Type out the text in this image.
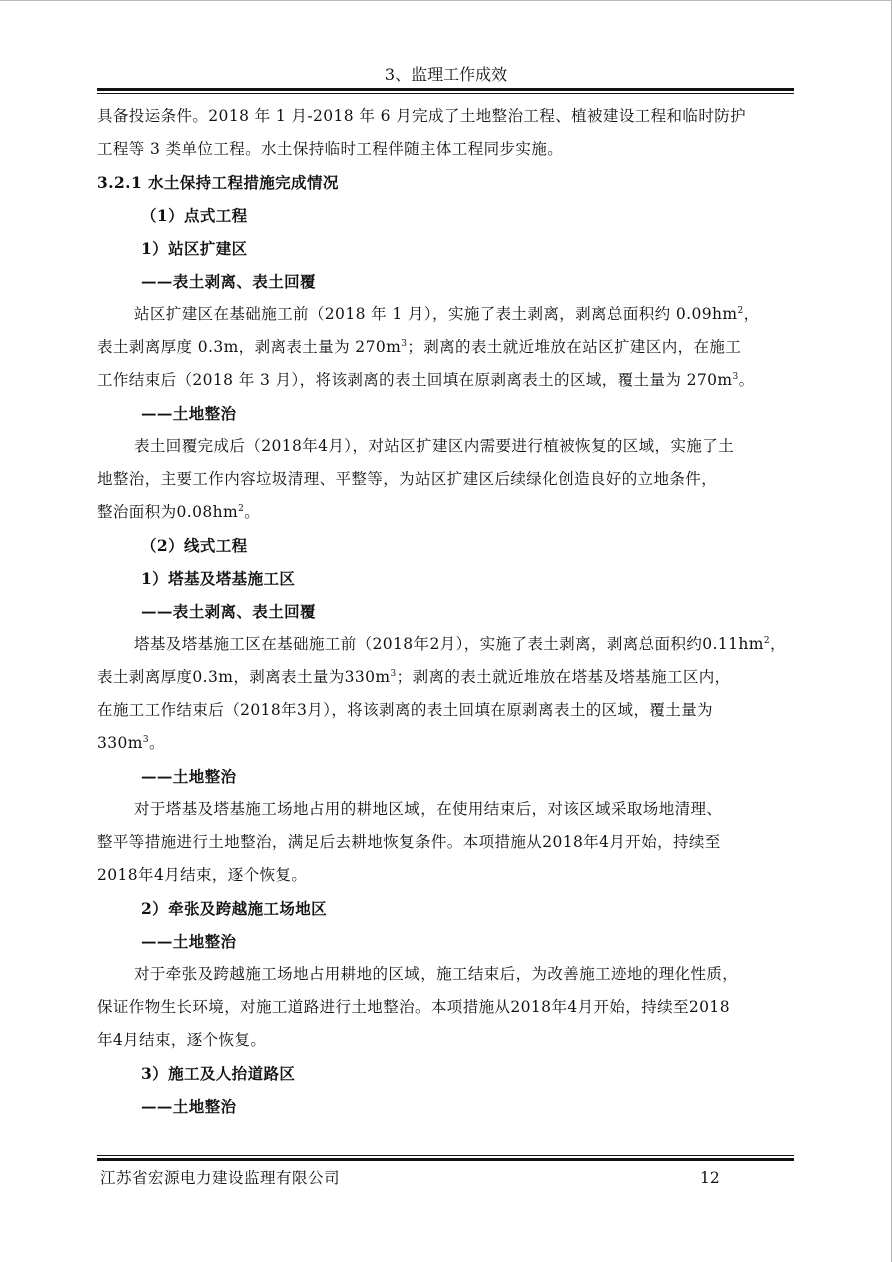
3、监理工作成效
具备投运条件。2018 年 1 月-2018 年 6 月完成了土地整治工程、植被建设工程和临时防护
工程等 3 类单位工程。水土保持临时工程伴随主体工程同步实施。
3.2.1 水土保持工程措施完成情况
（1）点式工程
1）站区扩建区
——表土剥离、表土回覆
站区扩建区在基础施工前（2018 年 1 月），实施了表土剥离，剥离总面积约 $0.09hm^2$，
表土剥离厚度 0.3m，剥离表土量为 $270m^3$；剥离的表土就近堆放在站区扩建区内，在施工
工作结束后（2018 年 3 月），将该剥离的表土回填在原剥离表土的区域，覆土量为 $270m^3$。
——土地整治
表土回覆完成后（2018年4月），对站区扩建区内需要进行植被恢复的区域，实施了土
地整治，主要工作内容垃圾清理、平整等，为站区扩建区后续绿化创造良好的立地条件，
整治面积为$0.08hm^2$。
（2）线式工程
1）塔基及塔基施工区
——表土剥离、表土回覆
塔基及塔基施工区在基础施工前（2018年2月），实施了表土剥离，剥离总面积约$0.11hm^2$，
表土剥离厚度0.3m，剥离表土量为$330m^3$；剥离的表土就近堆放在塔基及塔基施工区内，
在施工工作结束后（2018年3月），将该剥离的表土回填在原剥离表土的区域，覆土量为
$330m^3$。
——土地整治
对于塔基及塔基施工场地占用的耕地区域，在使用结束后，对该区域采取场地清理、
整平等措施进行土地整治，满足后去耕地恢复条件。本项措施从2018年4月开始，持续至
2018年4月结束，逐个恢复。
2）牵张及跨越施工场地区
——土地整治
对于牵张及跨越施工场地占用耕地的区域，施工结束后，为改善施工迹地的理化性质，
保证作物生长环境，对施工道路进行土地整治。本项措施从2018年4月开始，持续至2018
年4月结束，逐个恢复。
3）施工及人抬道路区
——土地整治
江苏省宏源电力建设监理有限公司	12
